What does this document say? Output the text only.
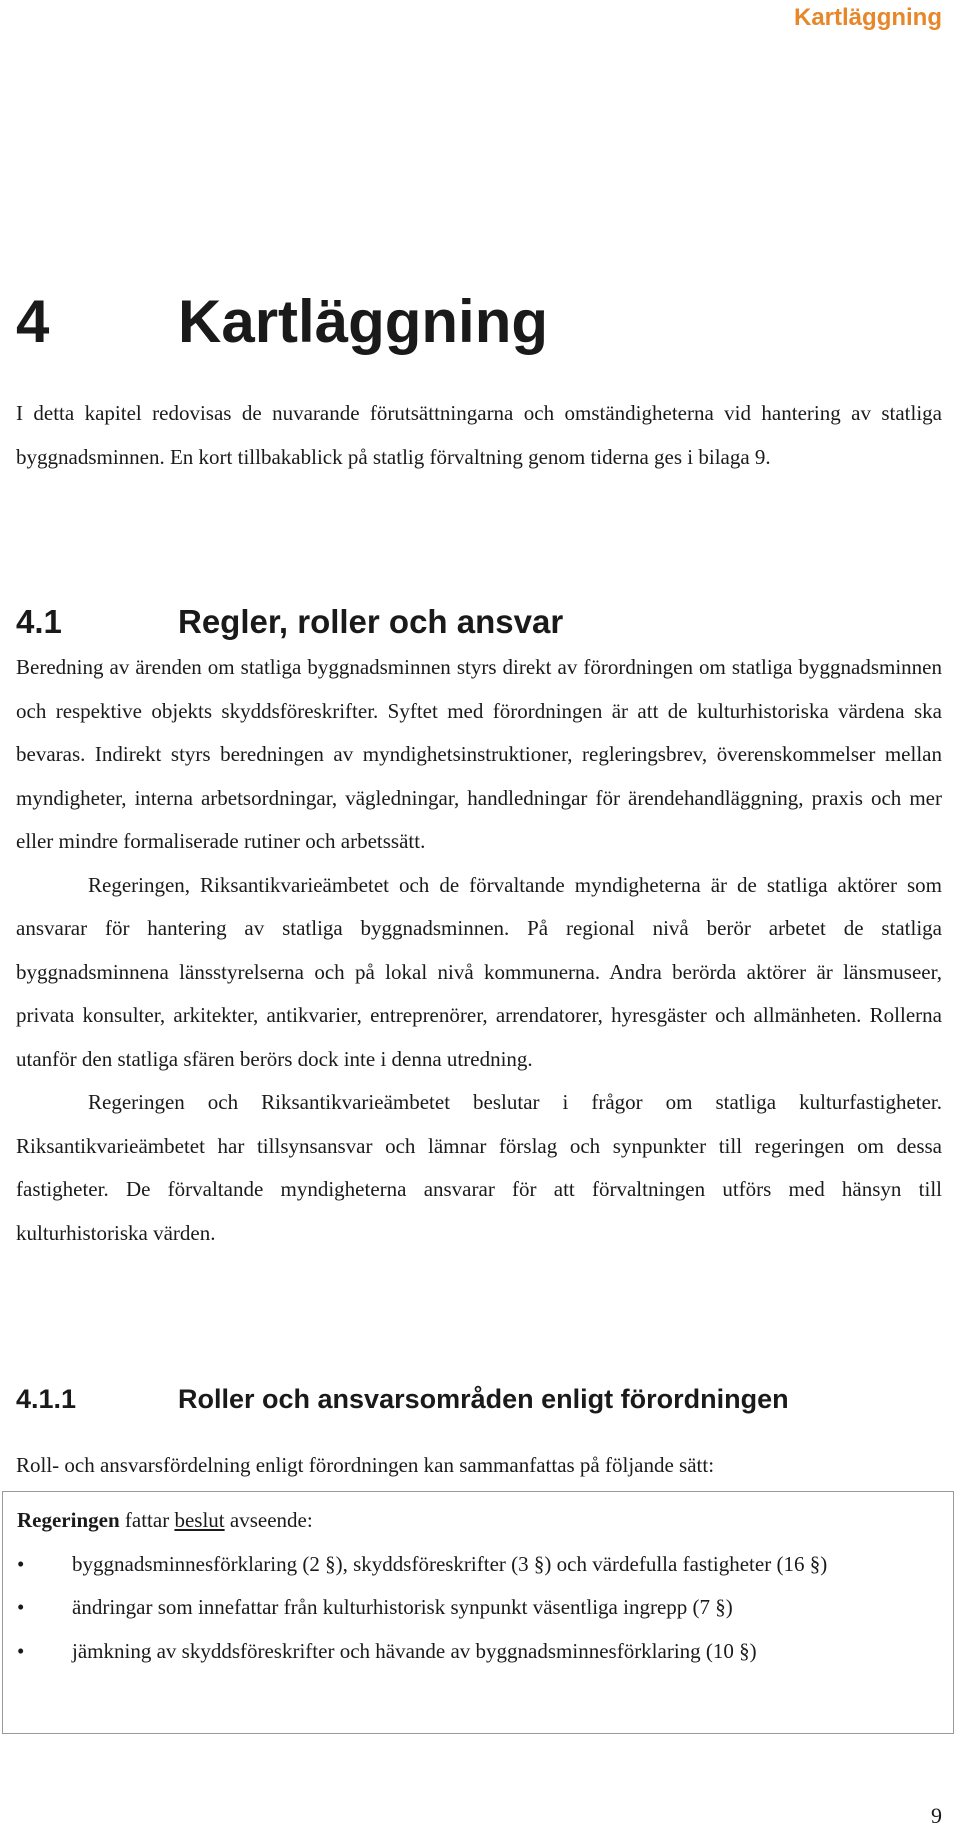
Kartläggning
4 Kartläggning

I detta kapitel redovisas de nuvarande förutsättningarna och omständigheterna vid hantering av statliga byggnadsminnen. En kort tillbakablick på statlig förvaltning genom tiderna ges i bilaga 9.

4.1	Regler, roller och ansvar

Beredning av ärenden om statliga byggnadsminnen styrs direkt av förordningen om statliga byggnadsminnen och respektive objekts skyddsföreskrifter. Syftet med förordningen är att de kulturhistoriska värdena ska bevaras. Indirekt styrs beredningen av myndighetsinstruktioner, regleringsbrev, överenskommelser mellan myndigheter, interna arbetsordningar, vägledningar, handledningar för ärendehandläggning, praxis och mer eller mindre formaliserade rutiner och arbetssätt.

Regeringen, Riksantikvarieämbetet och de förvaltande myndigheterna är de statliga aktörer som ansvarar för hantering av statliga byggnadsminnen. På regional nivå berör arbetet de statliga byggnadsminnena länsstyrelserna och på lokal nivå kommunerna. Andra berörda aktörer är länsmuseer, privata konsulter, arkitekter, antikvarier, entreprenörer, arrendatorer, hyresgäster och allmänheten. Rollerna utanför den statliga sfären berörs dock inte i denna utredning.

Regeringen och Riksantikvarieämbetet beslutar i frågor om statliga kulturfastigheter. Riksantikvarieämbetet har tillsynsansvar och lämnar förslag och synpunkter till regeringen om dessa fastigheter. De förvaltande myndigheterna ansvarar för att förvaltningen utförs med hänsyn till kulturhistoriska värden.

4.1.1	Roller och ansvarsområden enligt förordningen

Roll- och ansvarsfördelning enligt förordningen kan sammanfattas på följande sätt:

Regeringen fattar beslut avseende:

• byggnadsminnesförklaring (2 §), skyddsföreskrifter (3 §) och värdefulla fastigheter (16 §)
• ändringar som innefattar från kulturhistorisk synpunkt väsentliga ingrepp (7 §)
• jämkning av skyddsföreskrifter och hävande av byggnadsminnesförklaring (10 §)
9
